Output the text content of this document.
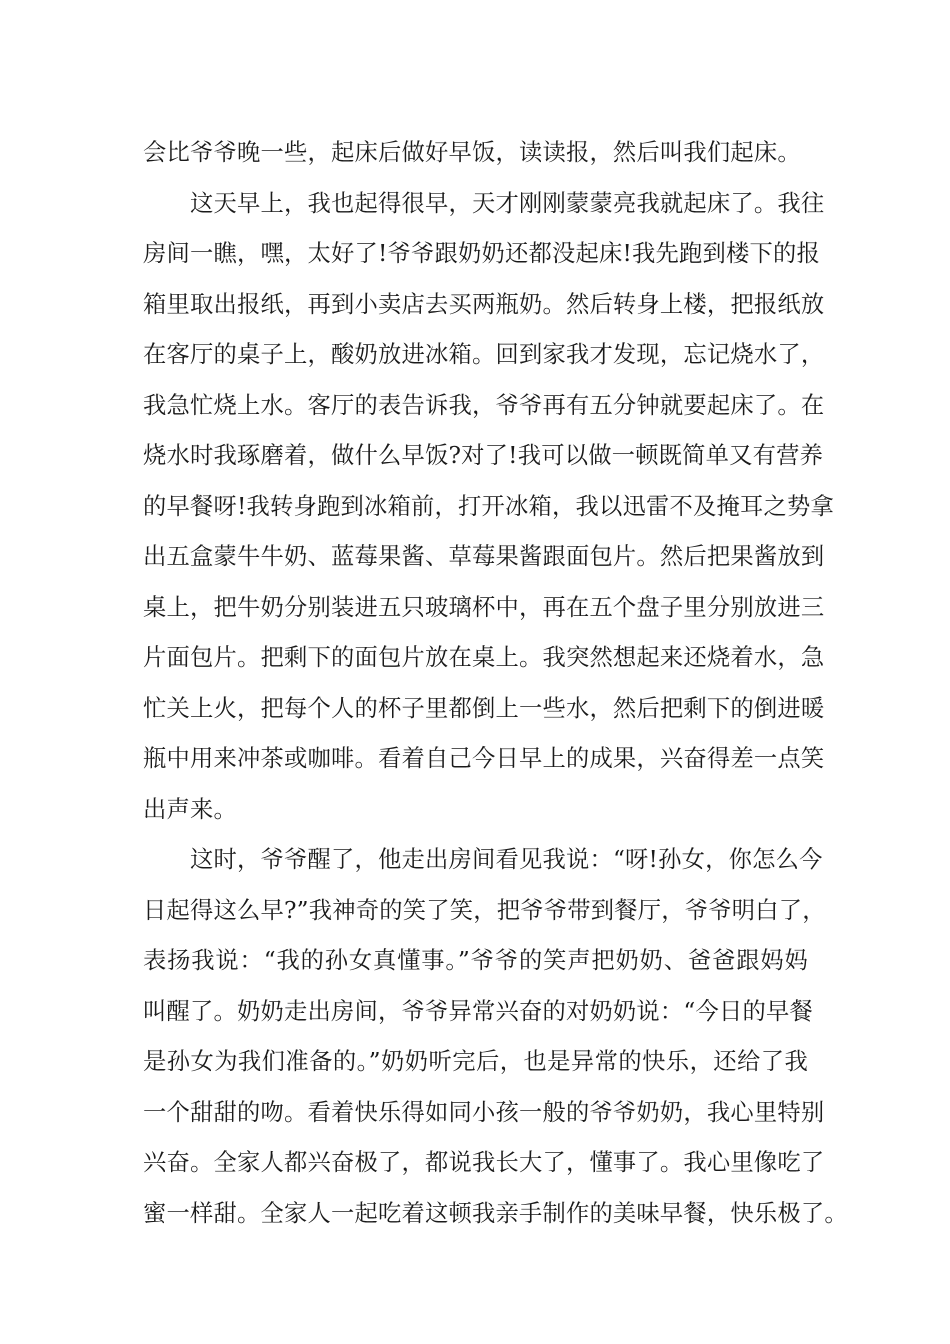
会比爷爷晚一些，起床后做好早饭，读读报，然后叫我们起床。
这天早上，我也起得很早，天才刚刚蒙蒙亮我就起床了。我往
房间一瞧，嘿，太好了!爷爷跟奶奶还都没起床!我先跑到楼下的报
箱里取出报纸，再到小卖店去买两瓶奶。然后转身上楼，把报纸放
在客厅的桌子上，酸奶放进冰箱。回到家我才发现，忘记烧水了，
我急忙烧上水。客厅的表告诉我，爷爷再有五分钟就要起床了。在
烧水时我琢磨着，做什么早饭?对了!我可以做一顿既简单又有营养
的早餐呀!我转身跑到冰箱前，打开冰箱，我以迅雷不及掩耳之势拿
出五盒蒙牛牛奶、蓝莓果酱、草莓果酱跟面包片。然后把果酱放到
桌上，把牛奶分别装进五只玻璃杯中，再在五个盘子里分别放进三
片面包片。把剩下的面包片放在桌上。我突然想起来还烧着水，急
忙关上火，把每个人的杯子里都倒上一些水，然后把剩下的倒进暖
瓶中用来冲茶或咖啡。看着自己今日早上的成果，兴奋得差一点笑
出声来。
这时，爷爷醒了，他走出房间看见我说：“呀!孙女，你怎么今
日起得这么早?”我神奇的笑了笑，把爷爷带到餐厅，爷爷明白了，
表扬我说：“我的孙女真懂事。”爷爷的笑声把奶奶、爸爸跟妈妈
叫醒了。奶奶走出房间，爷爷异常兴奋的对奶奶说：“今日的早餐
是孙女为我们准备的。”奶奶听完后，也是异常的快乐，还给了我
一个甜甜的吻。看着快乐得如同小孩一般的爷爷奶奶，我心里特别
兴奋。全家人都兴奋极了，都说我长大了，懂事了。我心里像吃了
蜜一样甜。全家人一起吃着这顿我亲手制作的美味早餐，快乐极了。
